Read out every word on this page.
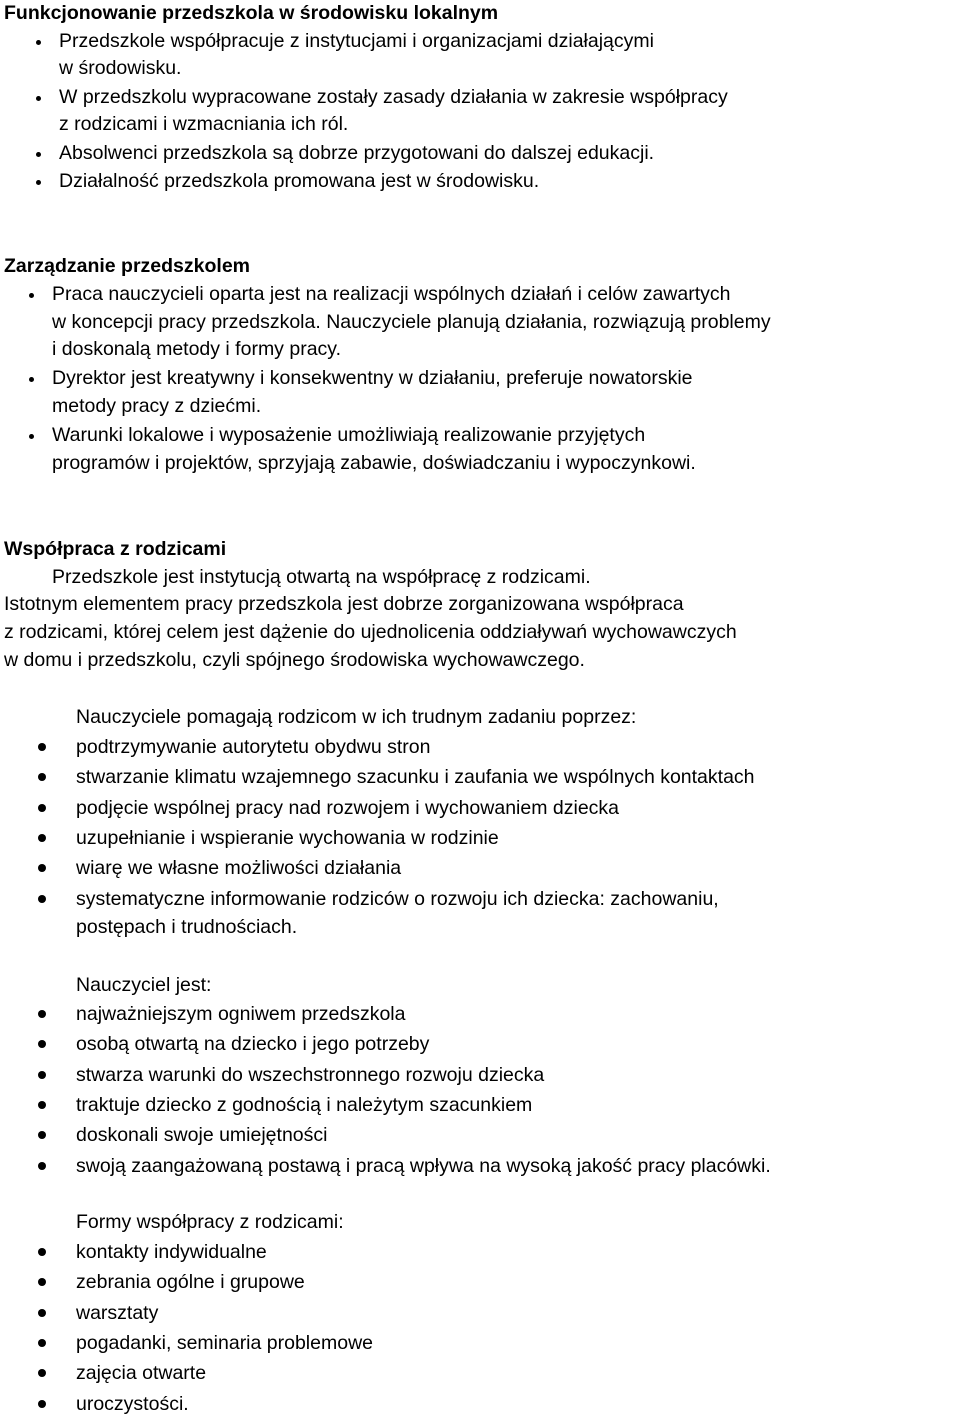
Funkcjonowanie przedszkola w środowisku lokalnym
Przedszkole współpracuje z instytucjami i organizacjami działającymi
w środowisku.
W przedszkolu wypracowane zostały zasady działania w zakresie współpracy
z rodzicami i wzmacniania ich ról.
Absolwenci przedszkola są dobrze przygotowani do dalszej edukacji.
Działalność przedszkola promowana jest w środowisku.
Zarządzanie przedszkolem
Praca nauczycieli oparta jest na realizacji wspólnych działań i celów zawartych
w koncepcji pracy przedszkola. Nauczyciele planują działania, rozwiązują problemy
i doskonalą metody i formy pracy.
Dyrektor jest kreatywny i konsekwentny w działaniu, preferuje nowatorskie
metody pracy z dziećmi.
Warunki lokalowe i wyposażenie umożliwiają realizowanie przyjętych
programów i projektów, sprzyjają zabawie, doświadczaniu i wypoczynkowi.
Współpraca z rodzicami
Przedszkole jest instytucją otwartą na współpracę z rodzicami.
Istotnym elementem pracy przedszkola jest dobrze zorganizowana współpraca
z rodzicami, której celem jest dążenie do ujednolicenia oddziaływań wychowawczych
w domu i przedszkolu, czyli spójnego środowiska wychowawczego.
Nauczyciele pomagają rodzicom w ich trudnym zadaniu poprzez:
podtrzymywanie autorytetu obydwu stron
stwarzanie klimatu wzajemnego szacunku i zaufania we wspólnych kontaktach
podjęcie wspólnej pracy nad rozwojem i wychowaniem dziecka
uzupełnianie i wspieranie wychowania w rodzinie
wiarę we własne możliwości działania
systematyczne informowanie rodziców o rozwoju ich dziecka: zachowaniu,
postępach i trudnościach.
Nauczyciel jest:
najważniejszym ogniwem przedszkola
osobą otwartą na dziecko i jego potrzeby
stwarza warunki do wszechstronnego rozwoju dziecka
traktuje dziecko z godnością i należytym szacunkiem
doskonali swoje umiejętności
swoją zaangażowaną postawą i pracą wpływa na wysoką jakość pracy placówki.
Formy współpracy z rodzicami:
kontakty indywidualne
zebrania ogólne i grupowe
warsztaty
pogadanki, seminaria problemowe
zajęcia otwarte
uroczystości.
